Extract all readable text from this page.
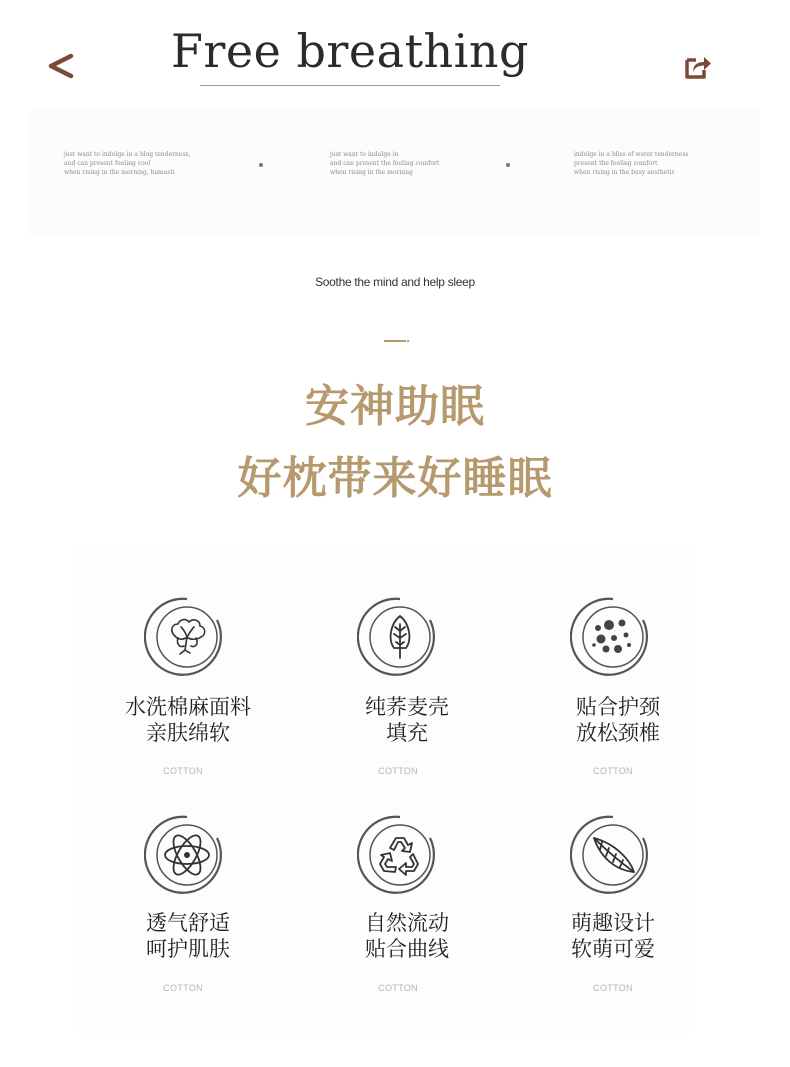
Free breathing

just want to indulge in a blog tenderness,

and can present feeling cool

when rising in the morning, hamasti

just want to indulge in

and can present the feeling comfort

when rising in the morning

indulge in a bliss of water tenderness

present the feeling comfort

when rising in the busy aesthetic

Soothe the mind and help sleep
安神助眠
好枕带来好睡眠
水洗棉麻面料
亲肤绵软
COTTON
纯荞麦壳
填充
COTTON
贴合护颈
放松颈椎
COTTON
透气舒适
呵护肌肤
COTTON
自然流动
贴合曲线
COTTON
萌趣设计
软萌可爱
COTTON
